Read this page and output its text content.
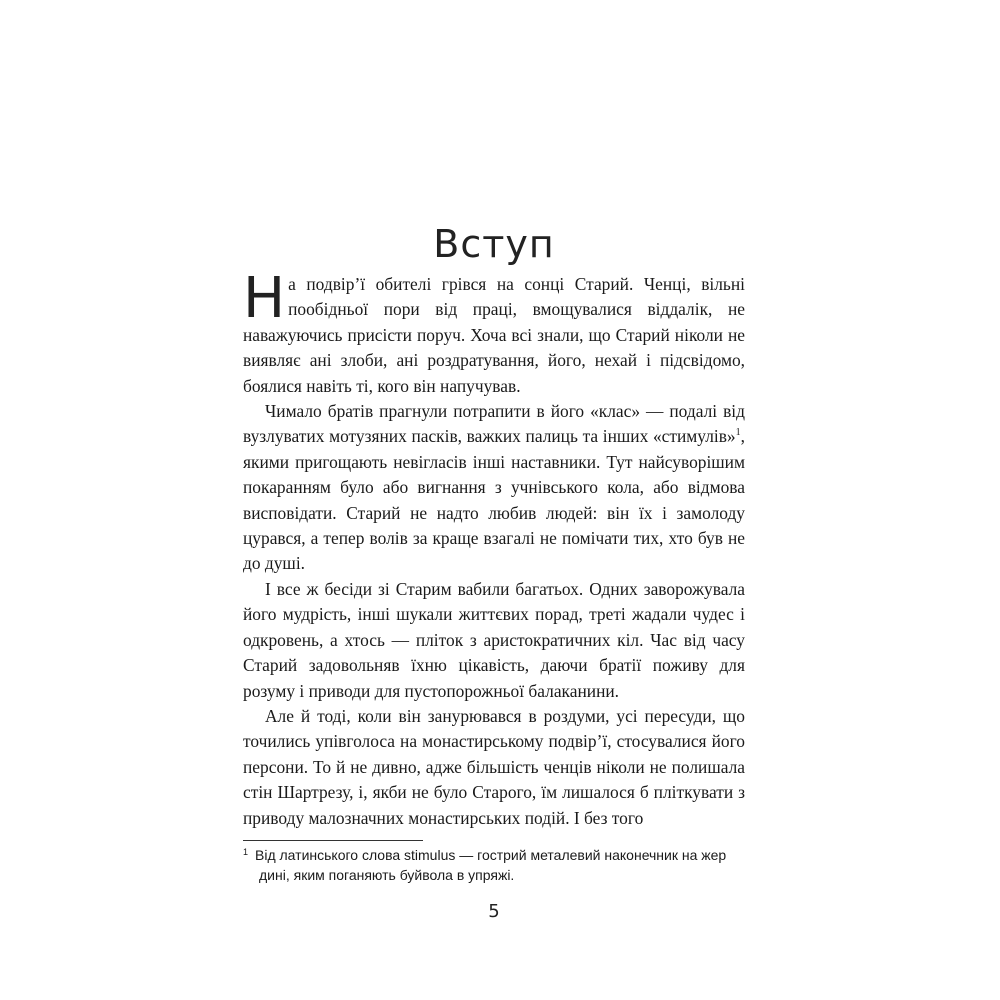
Вступ

На подвір’ї обителі грівся на сонці Старий. Ченці, вільні пообідньої пори від праці, вмощувалися віддалік, не наважуючись присісти поруч. Хоча всі знали, що Старий ніколи не виявляє ані злоби, ані роздратування, його, нехай і підсвідомо, боялися навіть ті, кого він напучував.

Чимало братів прагнули потрапити в його «клас» — подалі від вузлуватих мотузяних пасків, важких палиць та інших «стимулів»$^1$, якими пригощають невігласів інші наставники. Тут найсуворішим покаранням було або вигнання з учнівського кола, або відмова висповідати. Старий не надто любив людей: він їх і замолоду цурався, а тепер волів за краще взагалі не помічати тих, хто був не до душі.

І все ж бесіди зі Старим вабили багатьох. Одних заворожувала його мудрість, інші шукали життєвих порад, треті жадали чудес і одкровень, а хтось — пліток з аристократичних кіл. Час від часу Старий задовольняв їхню цікавість, даючи братії поживу для розуму і приводи для пустопорожньої балаканини.

Але й тоді, коли він занурювався в роздуми, усі пересуди, що точились упівголоса на монастирському подвір’ї, стосувалися його персони. То й не дивно, адже більшість ченців ніколи не полишала стін Шартрезу, і, якби не було Старого, їм лишалося б пліткувати з приводу малозначних монастирських подій. І без того

1 Від латинського слова stimulus — гострий металевий наконечник на жер
дині, яким поганяють буйвола в упряжі.
5
